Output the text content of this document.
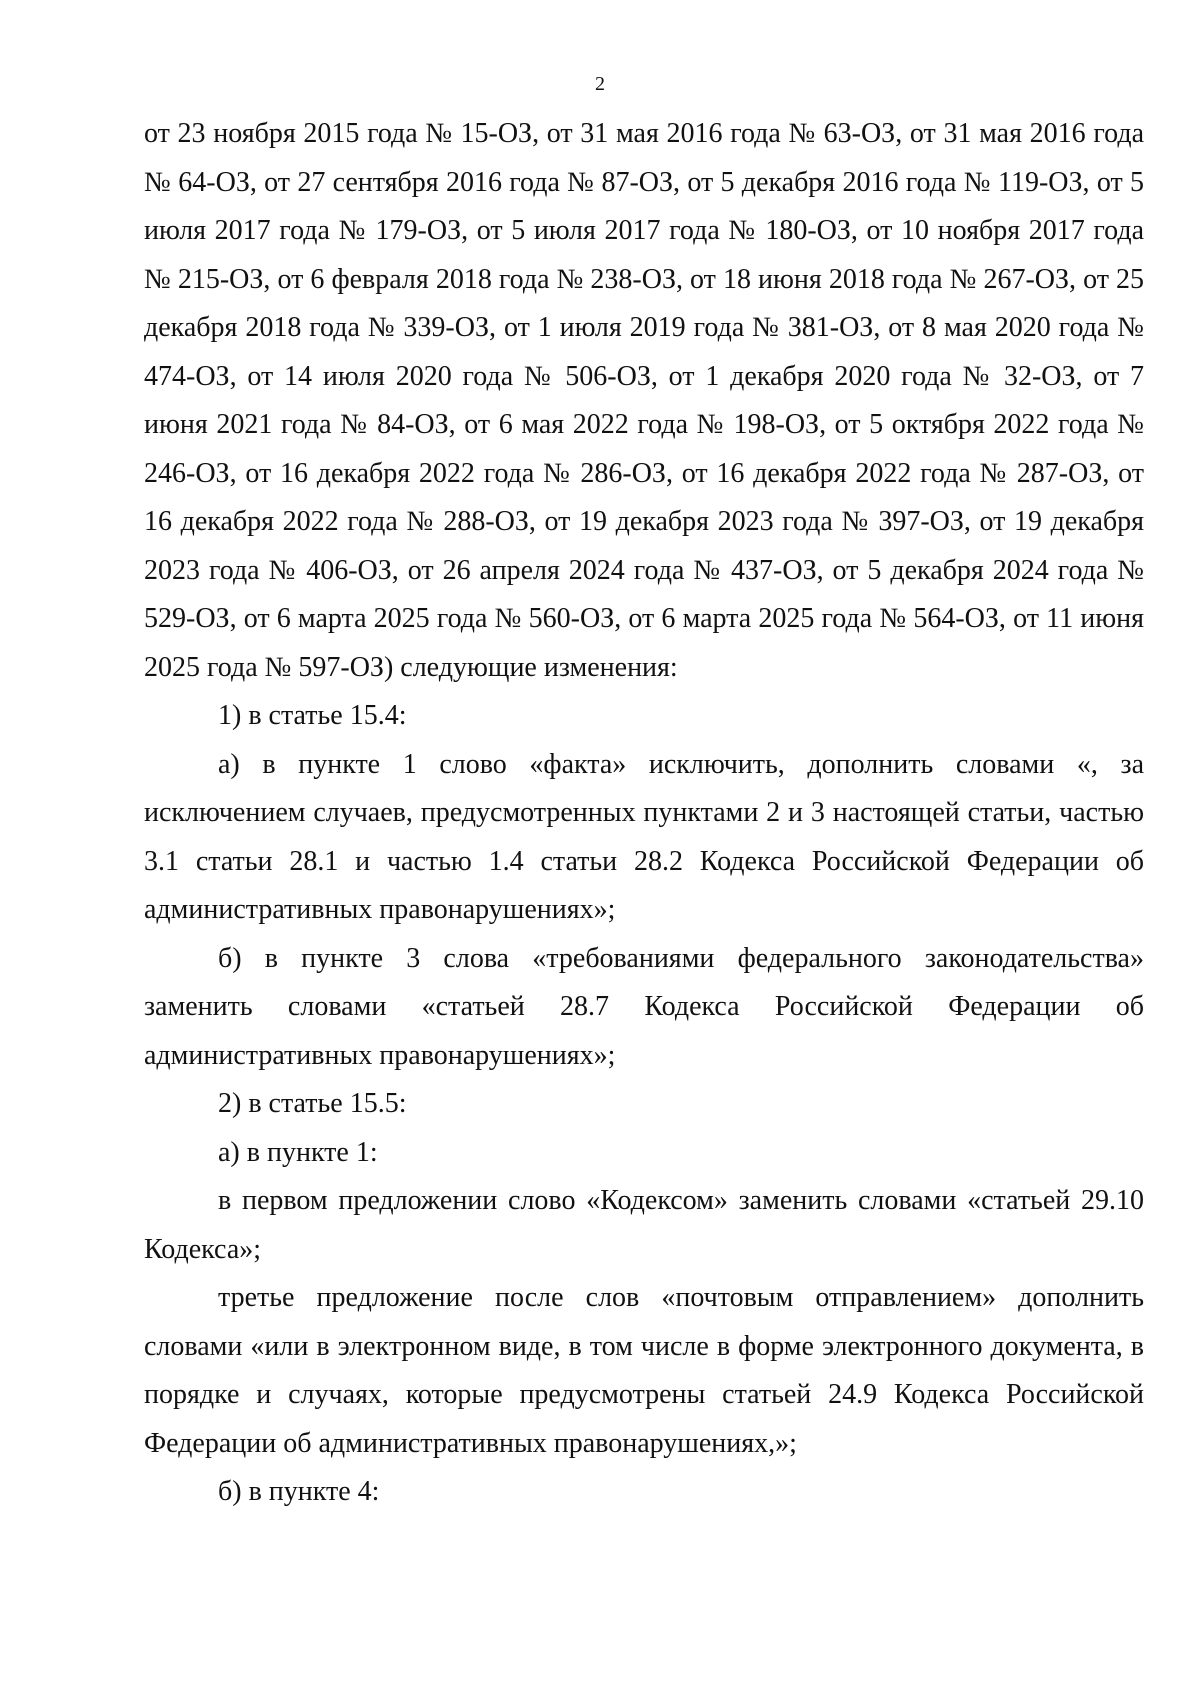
2

от 23 ноября 2015 года № 15-ОЗ, от 31 мая 2016 года № 63-ОЗ, от 31 мая 2016 года № 64-ОЗ, от 27 сентября 2016 года № 87-ОЗ, от 5 декабря 2016 года № 119-ОЗ, от 5 июля 2017 года № 179-ОЗ, от 5 июля 2017 года № 180-ОЗ, от 10 ноября 2017 года № 215-ОЗ, от 6 февраля 2018 года № 238-ОЗ, от 18 июня 2018 года № 267-ОЗ, от 25 декабря 2018 года № 339-ОЗ, от 1 июля 2019 года № 381-ОЗ, от 8 мая 2020 года № 474-ОЗ, от 14 июля 2020 года № 506-ОЗ, от 1 декабря 2020 года № 32-ОЗ, от 7 июня 2021 года № 84-ОЗ, от 6 мая 2022 года № 198-ОЗ, от 5 октября 2022 года № 246-ОЗ, от 16 декабря 2022 года № 286-ОЗ, от 16 декабря 2022 года № 287-ОЗ, от 16 декабря 2022 года № 288-ОЗ, от 19 декабря 2023 года № 397-ОЗ, от 19 декабря 2023 года № 406-ОЗ, от 26 апреля 2024 года № 437-ОЗ, от 5 декабря 2024 года № 529-ОЗ, от 6 марта 2025 года № 560-ОЗ, от 6 марта 2025 года № 564-ОЗ, от 11 июня 2025 года № 597-ОЗ) следующие изменения:

1) в статье 15.4:

а) в пункте 1 слово «факта» исключить, дополнить словами «, за исключением случаев, предусмотренных пунктами 2 и 3 настоящей статьи, частью 3.1 статьи 28.1 и частью 1.4 статьи 28.2 Кодекса Российской Федерации об административных правонарушениях»;

б) в пункте 3 слова «требованиями федерального законодательства» заменить словами «статьей 28.7 Кодекса Российской Федерации об административных правонарушениях»;

2) в статье 15.5:

а) в пункте 1:

в первом предложении слово «Кодексом» заменить словами «статьей 29.10 Кодекса»;

третье предложение после слов «почтовым отправлением» дополнить словами «или в электронном виде, в том числе в форме электронного документа, в порядке и случаях, которые предусмотрены статьей 24.9 Кодекса Российской Федерации об административных правонарушениях,»;

б) в пункте 4:
